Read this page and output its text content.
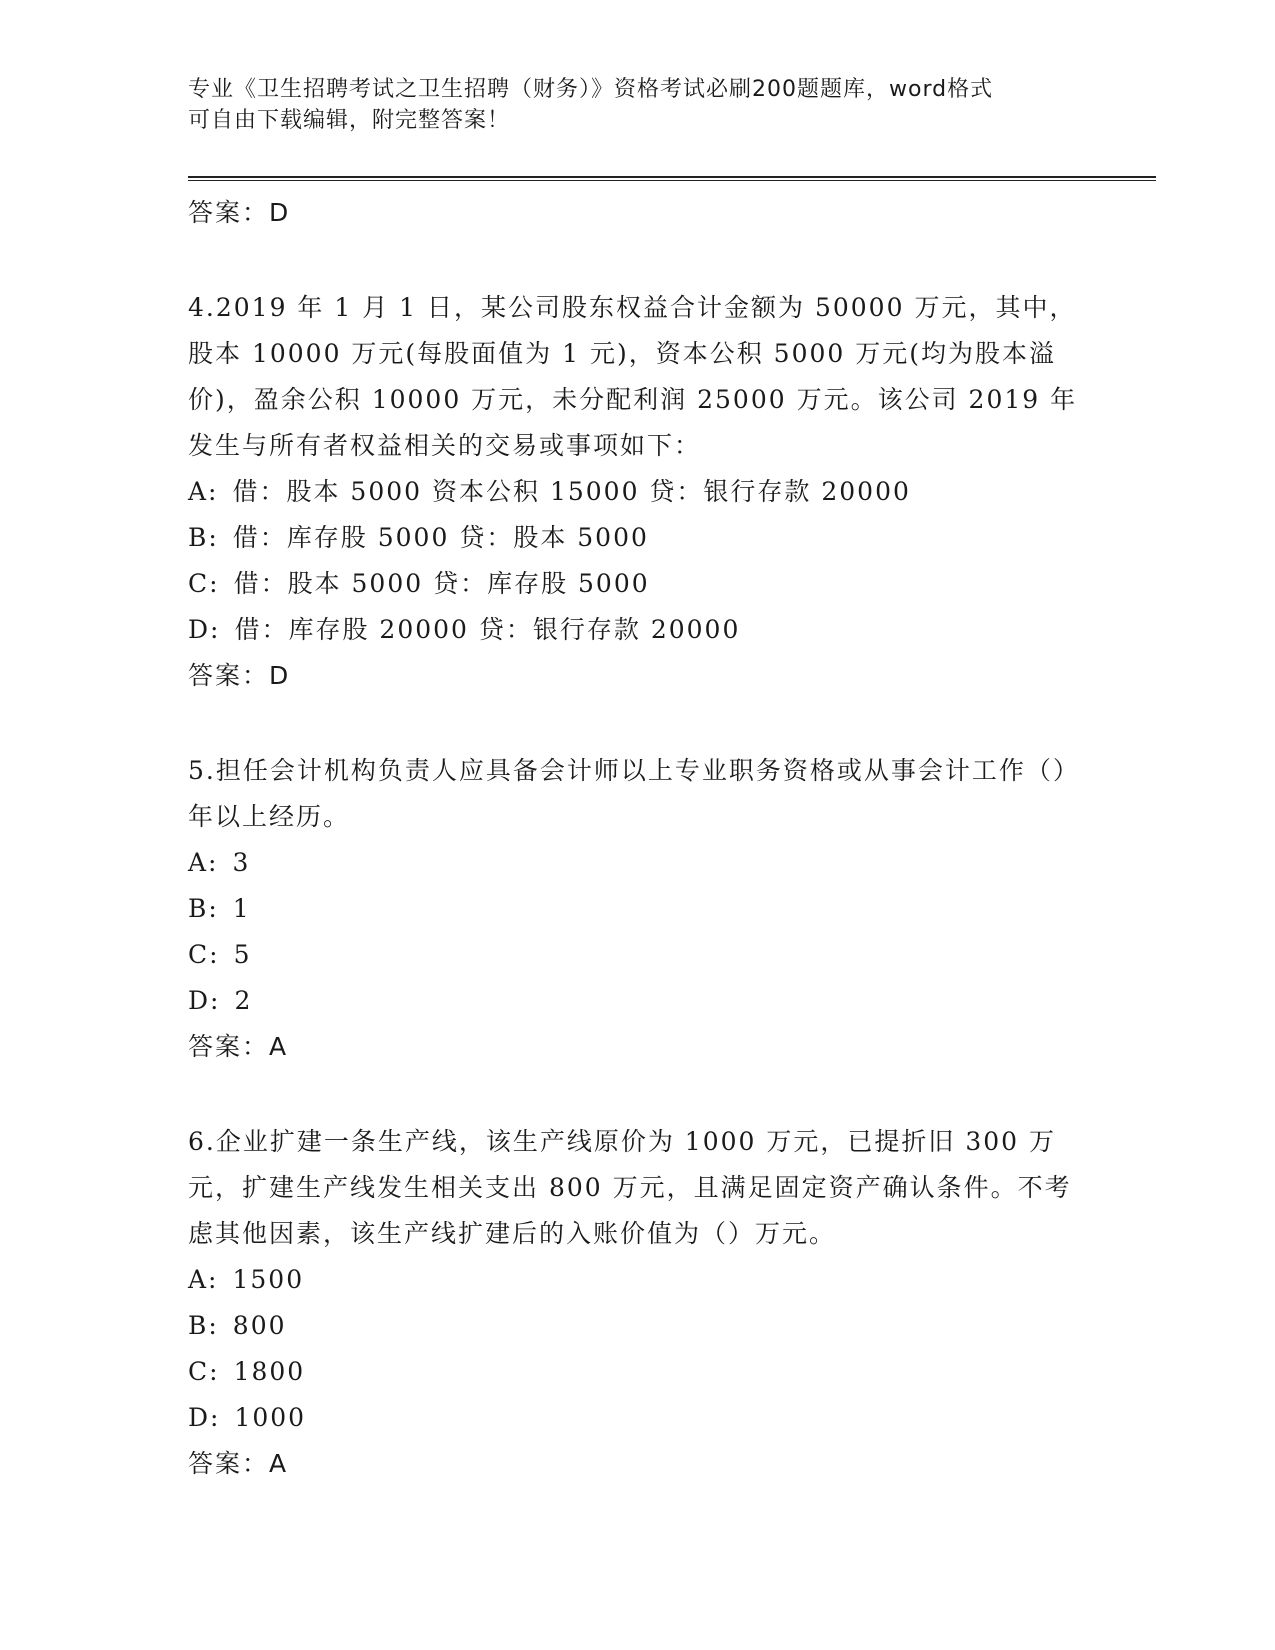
专业《卫生招聘考试之卫生招聘（财务）》资格考试必刷200题题库，word格式
可自由下载编辑，附完整答案！
答案：D
4.2019 年 1 月 1 日，某公司股东权益合计金额为 50000 万元，其中，股本 10000 万元(每股面值为 1 元)，资本公积 5000 万元(均为股本溢价)，盈余公积 10000 万元，未分配利润 25000 万元。该公司 2019 年发生与所有者权益相关的交易或事项如下：
A: 借：股本 5000 资本公积 15000 贷：银行存款 20000
B: 借：库存股 5000 贷：股本 5000
C: 借：股本 5000 贷：库存股 5000
D: 借：库存股 20000 贷：银行存款 20000
答案：D
5.担任会计机构负责人应具备会计师以上专业职务资格或从事会计工作（）年以上经历。
A: 3
B: 1
C: 5
D: 2
答案：A
6.企业扩建一条生产线，该生产线原价为 1000 万元，已提折旧 300 万元，扩建生产线发生相关支出 800 万元，且满足固定资产确认条件。不考虑其他因素，该生产线扩建后的入账价值为（）万元。
A: 1500
B: 800
C: 1800
D: 1000
答案：A
